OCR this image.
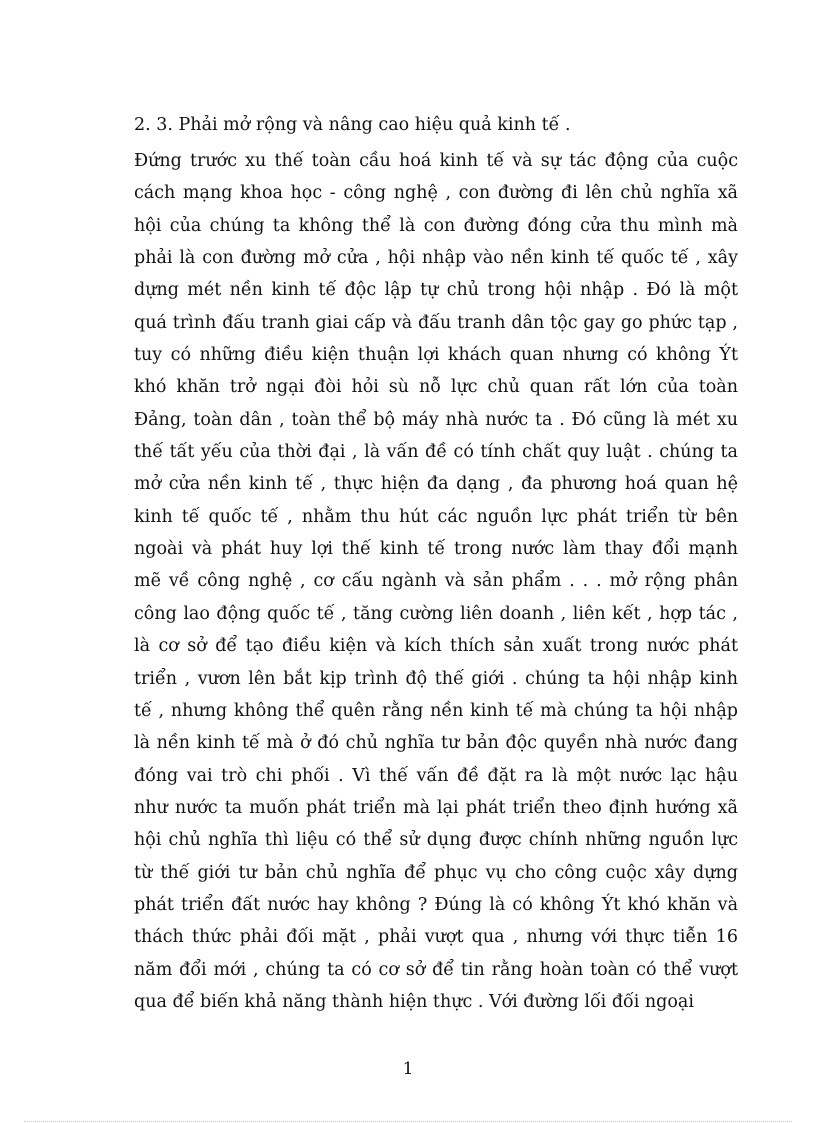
2. 3. Phải mở rộng và nâng cao hiệu quả kinh tế .
Đứng trước xu thế toàn cầu hoá kinh tế và sự tác động của cuộc
cách mạng khoa học - công nghệ , con đường đi lên chủ nghĩa xã
hội của chúng ta không thể là con đường đóng cửa thu mình mà
phải là con đường mở cửa , hội nhập vào nền kinh tế quốc tế , xây
dựng mét nền kinh tế độc lập tự chủ trong hội nhập . Đó là một
quá trình đấu tranh giai cấp và đấu tranh dân tộc gay go phức tạp ,
tuy có những điều kiện thuận lợi khách quan nhưng có không Ýt
khó khăn trở ngại đòi hỏi sù nỗ lực chủ quan rất lớn của toàn
Đảng, toàn dân , toàn thể bộ máy nhà nước ta . Đó cũng là mét xu
thế tất yếu của thời đại , là vấn đề có tính chất quy luật . chúng ta
mở cửa nền kinh tế , thực hiện đa dạng , đa phương hoá quan hệ
kinh tế quốc tế , nhằm thu hút các nguồn lực phát triển từ bên
ngoài và phát huy lợi thế kinh tế trong nước làm thay đổi mạnh
mẽ về công nghệ , cơ cấu ngành và sản phẩm . . . mở rộng phân
công lao động quốc tế , tăng cường liên doanh , liên kết , hợp tác ,
là cơ sở để tạo điều kiện và kích thích sản xuất trong nước phát
triển , vươn lên bắt kịp trình độ thế giới . chúng ta hội nhập kinh
tế , nhưng không thể quên rằng nền kinh tế mà chúng ta hội nhập
là nền kinh tế mà ở đó chủ nghĩa tư bản độc quyền nhà nước đang
đóng vai trò chi phối . Vì thế vấn đề đặt ra là một nước lạc hậu
như nước ta muốn phát triển mà lại phát triển theo định hướng xã
hội chủ nghĩa thì liệu có thể sử dụng được chính những nguồn lực
từ thế giới tư bản chủ nghĩa để phục vụ cho công cuộc xây dựng
phát triển đất nước hay không ? Đúng là có không Ýt khó khăn và
thách thức phải đối mặt , phải vượt qua , nhưng với thực tiễn 16
năm đổi mới , chúng ta có cơ sở để tin rằng hoàn toàn có thể vượt
qua để biến khả năng thành hiện thực . Với đường lối đối ngoại
1
